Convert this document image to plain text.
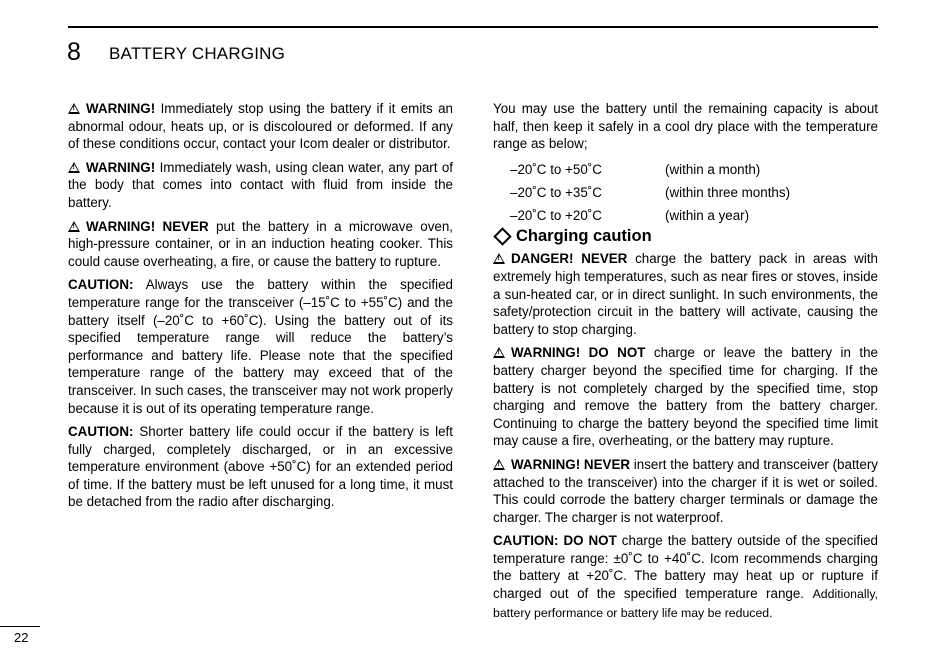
8 BATTERY CHARGING

!WARNING! Immediately stop using the battery if it emits an abnormal odour, heats up, or is discoloured or deformed. If any of these conditions occur, contact your Icom dealer or distributor.

!WARNING! Immediately wash, using clean water, any part of the body that comes into contact with fluid from inside the battery.

!WARNING! NEVER put the battery in a microwave oven, high-pressure container, or in an induction heating cooker. This could cause overheating, a fire, or cause the battery to rupture.

CAUTION: Always use the battery within the specified temperature range for the transceiver (–15˚C to +55˚C) and the battery itself (–20˚C to +60˚C). Using the battery out of its specified temperature range will reduce the battery’s performance and battery life. Please note that the specified temperature range of the battery may exceed that of the transceiver. In such cases, the transceiver may not work properly because it is out of its operating temperature range.

CAUTION: Shorter battery life could occur if the battery is left fully charged, completely discharged, or in an excessive temperature environment (above +50˚C) for an extended period of time. If the battery must be left unused for a long time, it must be detached from the radio after discharging.

You may use the battery until the remaining capacity is about half, then keep it safely in a cool dry place with the temperature range as below;

–20˚C to +50˚C	(within a month)
–20˚C to +35˚C	(within three months)
–20˚C to +20˚C	(within a year)
Charging caution

!DANGER! NEVER charge the battery pack in areas with extremely high temperatures, such as near fires or stoves, inside a sun-heated car, or in direct sunlight. In such environments, the safety/protection circuit in the battery will activate, causing the battery to stop charging.

!WARNING! DO NOT charge or leave the battery in the battery charger beyond the specified time for charging. If the battery is not completely charged by the specified time, stop charging and remove the battery from the battery charger. Continuing to charge the battery beyond the specified time limit may cause a fire, overheating, or the battery may rupture.

!WARNING! NEVER insert the battery and transceiver (battery attached to the transceiver) into the charger if it is wet or soiled. This could corrode the battery charger terminals or damage the charger. The charger is not waterproof.

CAUTION: DO NOT charge the battery outside of the specified temperature range: ±0˚C to +40˚C. Icom recommends charging the battery at +20˚C. The battery may heat up or rupture if charged out of the specified temperature range. Additionally, battery performance or battery life may be reduced.

22
